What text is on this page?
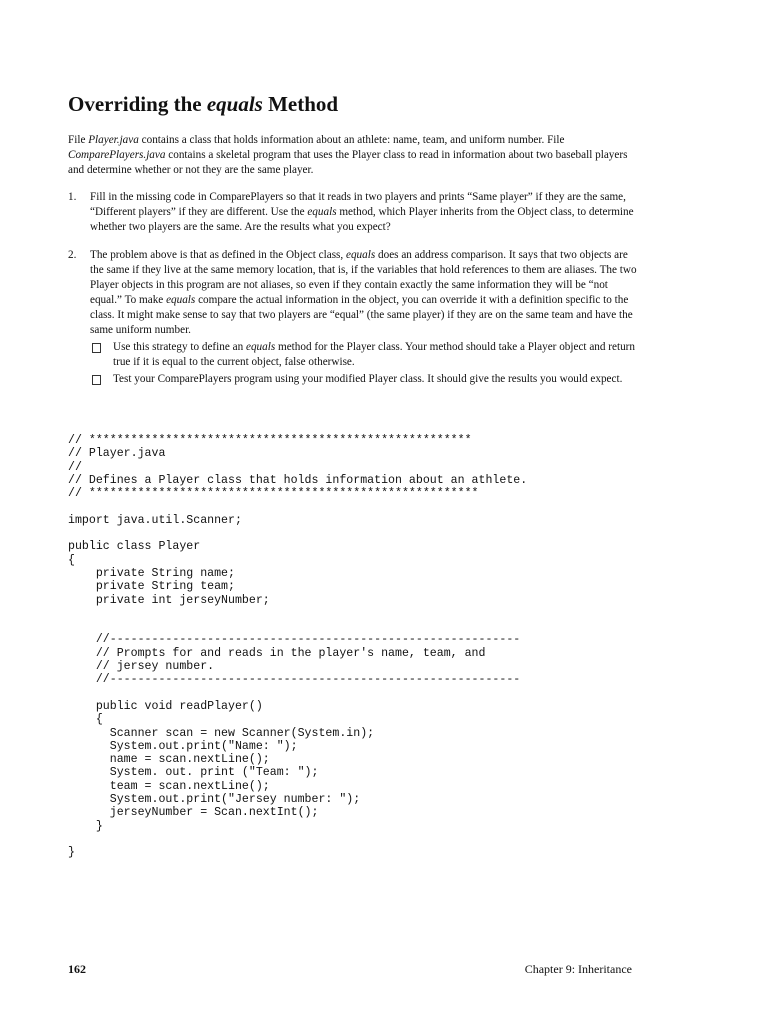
Overriding the equals Method

File Player.java contains a class that holds information about an athlete: name, team, and uniform number. File ComparePlayers.java contains a skeletal program that uses the Player class to read in information about two baseball players and determine whether or not they are the same player.

1. Fill in the missing code in ComparePlayers so that it reads in two players and prints “Same player” if they are the same, “Different players” if they are different. Use the equals method, which Player inherits from the Object class, to determine whether two players are the same. Are the results what you expect?
2. The problem above is that as defined in the Object class, equals does an address comparison. It says that two objects are the same if they live at the same memory location, that is, if the variables that hold references to them are aliases. The two Player objects in this program are not aliases, so even if they contain exactly the same information they will be “not equal.” To make equals compare the actual information in the object, you can override it with a definition specific to the class. It might make sense to say that two players are “equal” (the same player) if they are on the same team and have the same uniform number.
Use this strategy to define an equals method for the Player class. Your method should take a Player object and return true if it is equal to the current object, false otherwise.
Test your ComparePlayers program using your modified Player class. It should give the results you would expect.
// *******************************************************
// Player.java
//
// Defines a Player class that holds information about an athlete.
// ********************************************************

import java.util.Scanner;

public class Player
{
private String name;
private String team;
private int jerseyNumber;

//-----------------------------------------------------------
// Prompts for and reads in the player's name, team, and
// jersey number.
//-----------------------------------------------------------

public void readPlayer()
{
Scanner scan = new Scanner(System.in);
System.out.print("Name: ");
name = scan.nextLine();
System. out. print ("Team: ");
team = scan.nextLine();
System.out.print("Jersey number: ");
jerseyNumber = Scan.nextInt();
}

}
162	Chapter 9: Inheritance
